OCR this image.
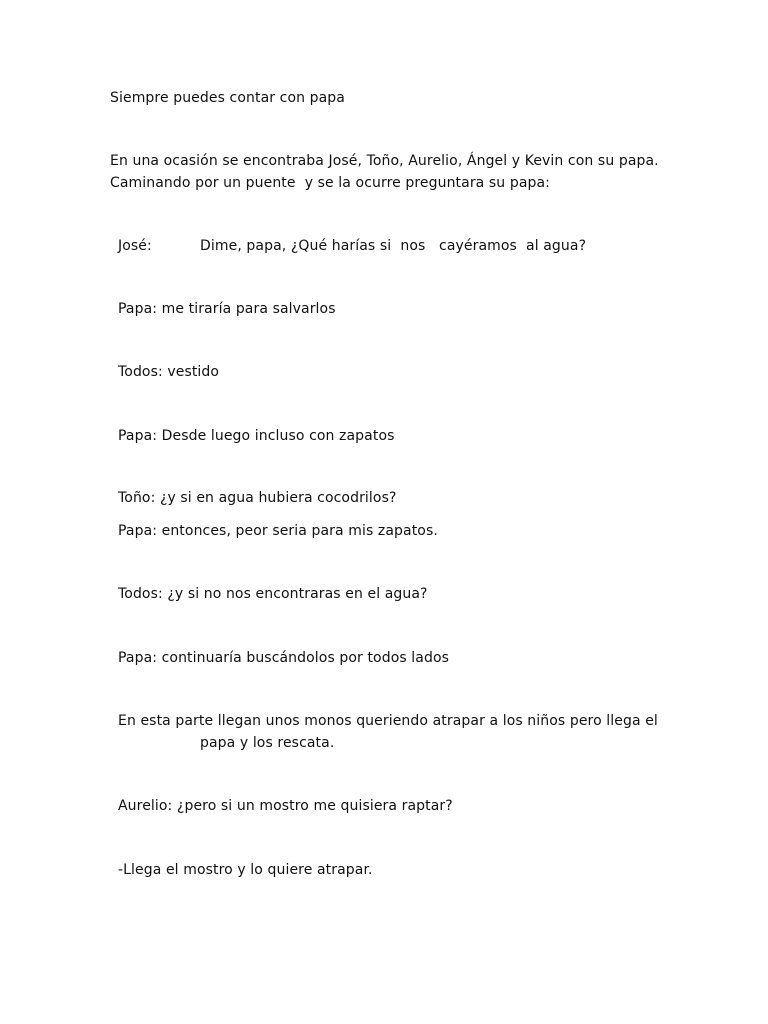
Siempre puedes contar con papa
En una ocasión se encontraba José, Toño, Aurelio, Ángel y Kevin con su papa.
Caminando por un puente  y se la ocurre preguntara su papa:
José:	Dime, papa, ¿Qué harías si  nos   cayéramos  al agua?
Papa: me tiraría para salvarlos
Todos: vestido
Papa: Desde luego incluso con zapatos
Toño: ¿y si en agua hubiera cocodrilos?
Papa: entonces, peor seria para mis zapatos.
Todos: ¿y si no nos encontraras en el agua?
Papa: continuaría buscándolos por todos lados
En esta parte llegan unos monos queriendo atrapar a los niños pero llega el
papa y los rescata.
Aurelio: ¿pero si un mostro me quisiera raptar?
-Llega el mostro y lo quiere atrapar.
